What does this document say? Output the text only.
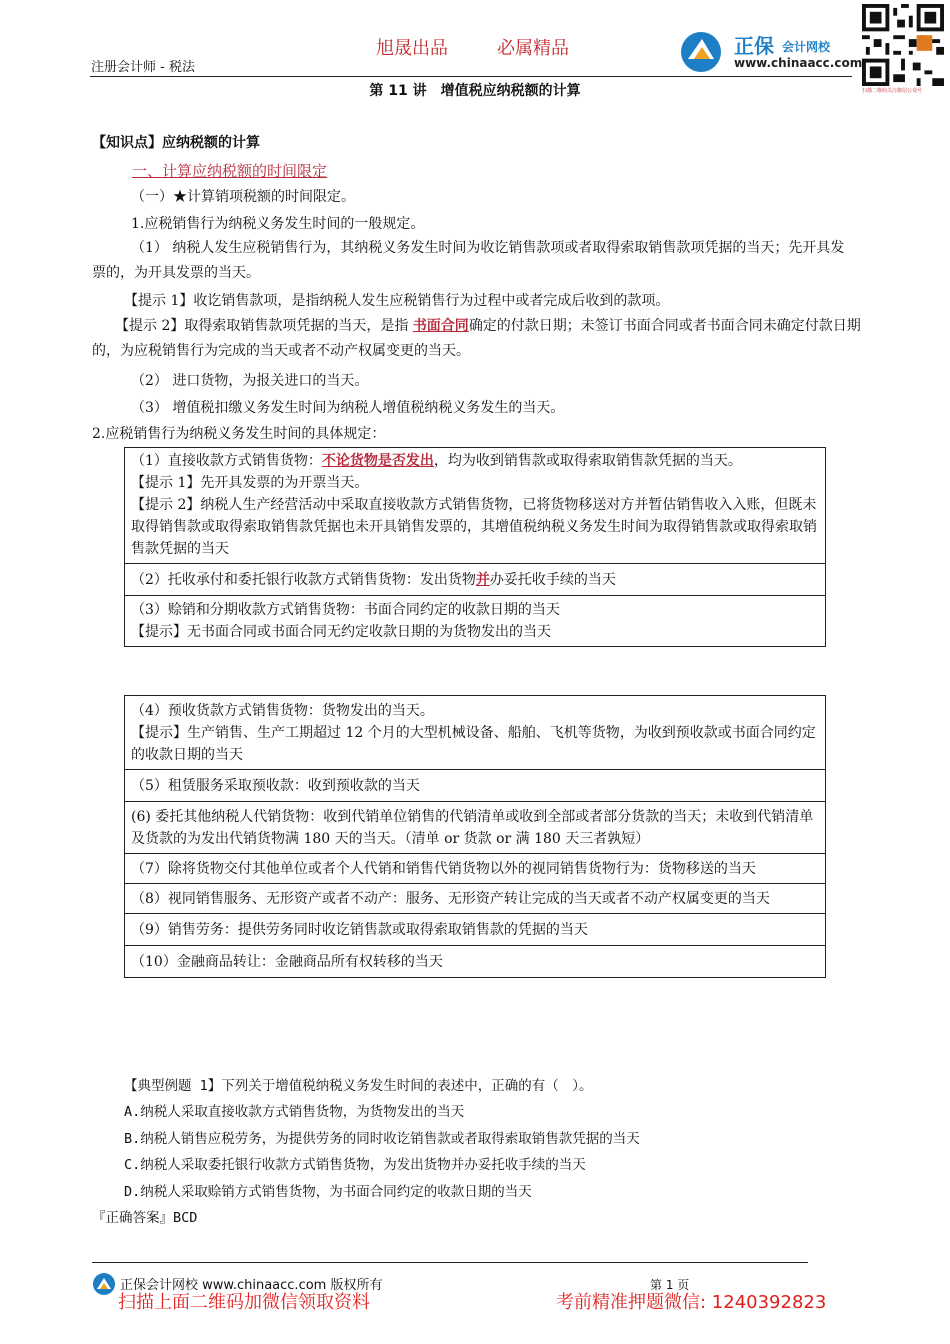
注册会计师 - 税法
旭晟出品	必属精品	正保 会计网校
www.chinaacc.com
扫描二维码关注微信公众号
第 11 讲　增值税应纳税额的计算
【知识点】应纳税额的计算
一、计算应纳税额的时间限定
（一）★计算销项税额的时间限定。
1.应税销售行为纳税义务发生时间的一般规定。
（1） 纳税人发生应税销售行为，其纳税义务发生时间为收讫销售款项或者取得索取销售款项凭据的当天；先开具发票的，为开具发票的当天。
【提示 1】收讫销售款项，是指纳税人发生应税销售行为过程中或者完成后收到的款项。
【提示 2】取得索取销售款项凭据的当天，是指 书面合同确定的付款日期；未签订书面合同或者书面合同未确定付款日期的，为应税销售行为完成的当天或者不动产权属变更的当天。
（2） 进口货物，为报关进口的当天。
（3） 增值税扣缴义务发生时间为纳税人增值税纳税义务发生的当天。
2.应税销售行为纳税义务发生时间的具体规定：
（1）直接收款方式销售货物：不论货物是否发出，均为收到销售款或取得索取销售款凭据的当天。
【提示 1】先开具发票的为开票当天。
【提示 2】纳税人生产经营活动中采取直接收款方式销售货物，已将货物移送对方并暂估销售收入入账，但既未取得销售款或取得索取销售款凭据也未开具销售发票的，其增值税纳税义务发生时间为取得销售款或取得索取销售款凭据的当天
（2）托收承付和委托银行收款方式销售货物：发出货物并办妥托收手续的当天
（3）赊销和分期收款方式销售货物：书面合同约定的收款日期的当天
【提示】无书面合同或书面合同无约定收款日期的为货物发出的当天
（4）预收货款方式销售货物：货物发出的当天。
【提示】生产销售、生产工期超过 12 个月的大型机械设备、船舶、飞机等货物，为收到预收款或书面合同约定的收款日期的当天
（5）租赁服务采取预收款：收到预收款的当天
(6) 委托其他纳税人代销货物：收到代销单位销售的代销清单或收到全部或者部分货款的当天；未收到代销清单及货款的为发出代销货物满 180 天的当天。（清单 or 货款 or 满 180 天三者孰短）
（7）除将货物交付其他单位或者个人代销和销售代销货物以外的视同销售货物行为：货物移送的当天
（8）视同销售服务、无形资产或者不动产：服务、无形资产转让完成的当天或者不动产权属变更的当天
（9）销售劳务：提供劳务同时收讫销售款或取得索取销售款的凭据的当天
（10）金融商品转让：金融商品所有权转移的当天
【典型例题 1】下列关于增值税纳税义务发生时间的表述中，正确的有（　）。
A.纳税人采取直接收款方式销售货物，为货物发出的当天
B.纳税人销售应税劳务，为提供劳务的同时收讫销售款或者取得索取销售款凭据的当天
C.纳税人采取委托银行收款方式销售货物，为发出货物并办妥托收手续的当天
D.纳税人采取赊销方式销售货物，为书面合同约定的收款日期的当天
『正确答案』BCD
正保会计网校 www.chinaacc.com 版权所有	第 1 页
扫描上面二维码加微信领取资料	考前精准押题微信: 1240392823
